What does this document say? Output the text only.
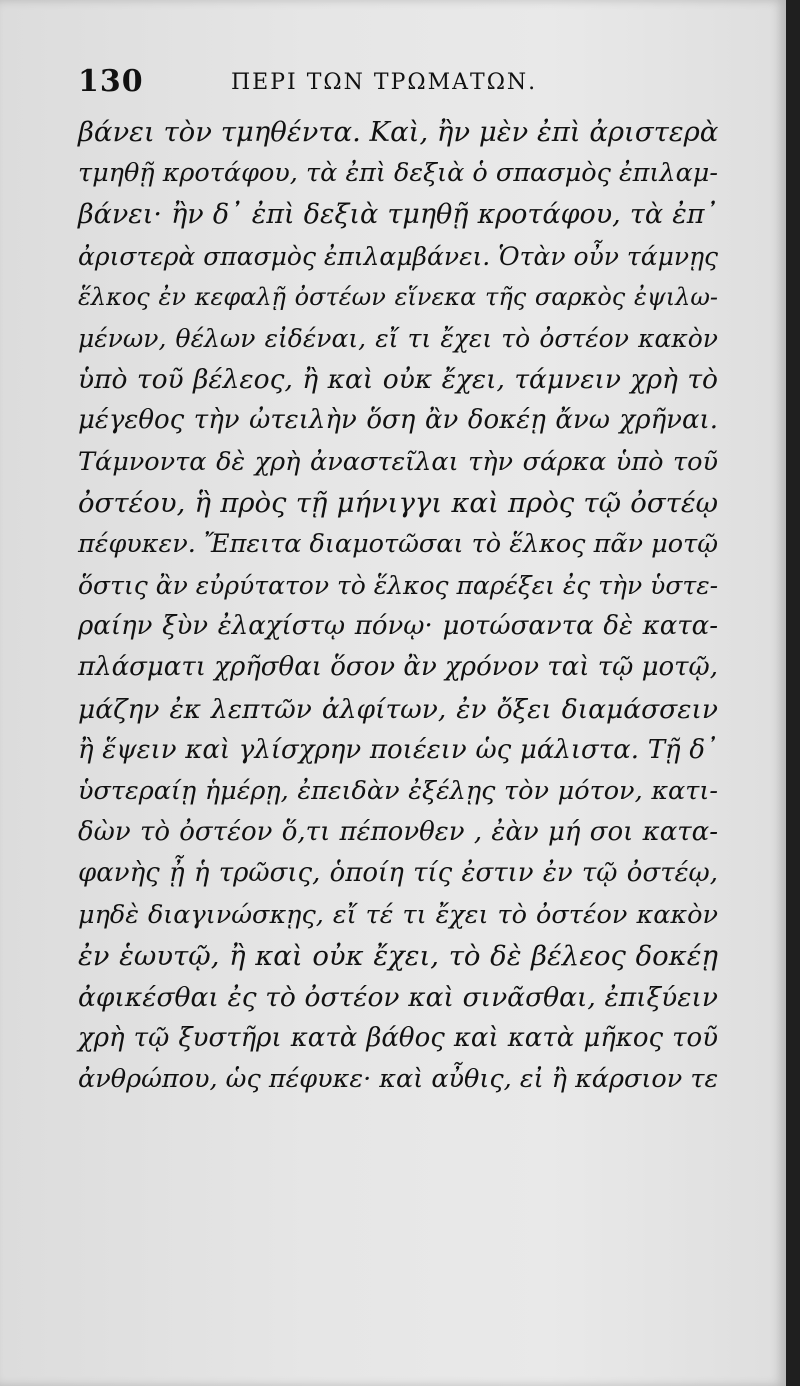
130	ΠΕΡΙ ΤΩΝ ΤΡΩΜΑΤΩΝ.
βάνει τὸν τμηθέντα. Καὶ, ἢν μὲν ἐπὶ ἀριστερὰ
τμηθῇ κροτάφου, τὰ ἐπὶ δεξιὰ ὁ σπασμὸς ἐπιλαμ-
βάνει· ἢν δ᾽ ἐπὶ δεξιὰ τμηθῇ κροτάφου, τὰ ἐπ᾽
ἀριστερὰ σπασμὸς ἐπιλαμβάνει. Ὁτὰν οὖν τάμνῃς
ἕλκος ἐν κεφαλῇ ὀστέων εἵνεκα τῆς σαρκὸς ἐψιλω-
μένων, θέλων εἰδέναι, εἴ τι ἔχει τὸ ὀστέον κακὸν
ὑπὸ τοῦ βέλεος, ἢ καὶ οὐκ ἔχει, τάμνειν χρὴ τὸ
μέγεθος τὴν ὠτειλὴν ὅση ἂν δοκέῃ ἄνω χρῆναι.
Τάμνοντα δὲ χρὴ ἀναστεῖλαι τὴν σάρκα ὑπὸ τοῦ
ὀστέου, ἣ πρὸς τῇ μήνιγγι καὶ πρὸς τῷ ὀστέῳ
πέφυκεν. Ἔπειτα διαμοτῶσαι τὸ ἕλκος πᾶν μοτῷ
ὅστις ἂν εὐρύτατον τὸ ἕλκος παρέξει ἐς τὴν ὑστε-
ραίην ξὺν ἐλαχίστῳ πόνῳ· μοτώσαντα δὲ κατα-
πλάσματι χρῆσθαι ὅσον ἂν χρόνον ταὶ τῷ μοτῷ,
μάζην ἐκ λεπτῶν ἀλφίτων, ἐν ὄξει διαμάσσειν
ἢ ἕψειν καὶ γλίσχρην ποιέειν ὡς μάλιστα. Τῇ δ᾽
ὑστεραίῃ ἡμέρῃ, ἐπειδὰν ἐξέλῃς τὸν μότον, κατι-
δὼν τὸ ὀστέον ὅ,τι πέπονθεν , ἐὰν μή σοι κατα-
φανὴς ᾖ ἡ τρῶσις, ὁποίη τίς ἐστιν ἐν τῷ ὀστέῳ,
μηδὲ διαγινώσκῃς, εἴ τέ τι ἔχει τὸ ὀστέον κακὸν
ἐν ἑωυτῷ, ἢ καὶ οὐκ ἔχει, τὸ δὲ βέλεος δοκέῃ
ἀφικέσθαι ἐς τὸ ὀστέον καὶ σινᾶσθαι, ἐπιξύειν
χρὴ τῷ ξυστῆρι κατὰ βάθος καὶ κατὰ μῆκος τοῦ
ἀνθρώπου, ὡς πέφυκε· καὶ αὖθις, εἰ ἢ κάρσιον τε
